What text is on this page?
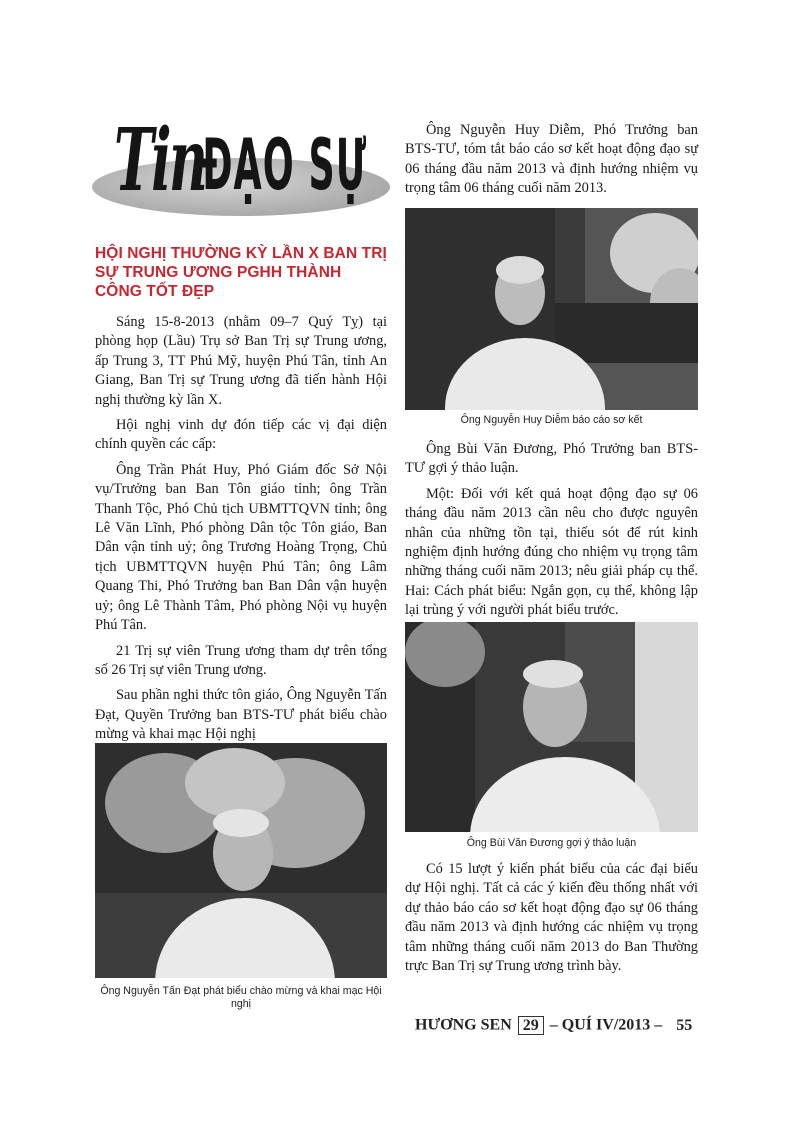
Tin
ĐẠO SỰ
HỘI NGHỊ THƯỜNG KỲ LẦN X BAN TRỊ SỰ TRUNG ƯƠNG PGHH THÀNH CÔNG TỐT ĐẸP

Sáng 15-8-2013 (nhằm 09–7 Quý Tỵ) tại phòng họp (Lầu) Trụ sở Ban Trị sự Trung ương, ấp Trung 3, TT Phú Mỹ, huyện Phú Tân, tỉnh An Giang, Ban Trị sự Trung ương đã tiến hành Hội nghị thường kỳ lần X.

Hội nghị vinh dự đón tiếp các vị đại diện chính quyền các cấp:

Ông Trần Phát Huy, Phó Giám đốc Sở Nội vụ/Trưởng ban Ban Tôn giáo tỉnh; ông Trần Thanh Tộc, Phó Chủ tịch UBMTTQVN tỉnh; ông Lê Văn Lĩnh, Phó phòng Dân tộc Tôn giáo, Ban Dân vận tỉnh uỷ; ông Trương Hoàng Trọng, Chủ tịch UBMTTQVN huyện Phú Tân; ông Lâm Quang Thi, Phó Trưởng ban Ban Dân vận huyện uỷ; ông Lê Thành Tâm, Phó phòng Nội vụ huyện Phú Tân.

21 Trị sự viên Trung ương tham dự trên tổng số 26 Trị sự viên Trung ương.

Sau phần nghi thức tôn giáo, Ông Nguyễn Tấn Đạt, Quyền Trưởng ban BTS-TƯ phát biểu chào mừng và khai mạc Hội nghị

Ông Nguyễn Huy Diễm, Phó Trưởng ban BTS-TƯ, tóm tắt báo cáo sơ kết hoạt động đạo sự 06 tháng đầu năm 2013 và định hướng nhiệm vụ trọng tâm 06 tháng cuối năm 2013.

Ông Bùi Văn Đương, Phó Trưởng ban BTS-TƯ gợi ý thảo luận.

Một: Đối với kết quả hoạt động đạo sự 06 tháng đầu năm 2013 cần nêu cho được nguyên nhân của những tồn tại, thiếu sót để rút kinh nghiệm định hướng đúng cho nhiệm vụ trọng tâm những tháng cuối năm 2013; nêu giải pháp cụ thể. Hai: Cách phát biểu: Ngắn gọn, cụ thể, không lập lại trùng ý với người phát biểu trước.

Có 15 lượt ý kiến phát biểu của các đại biểu dự Hội nghị. Tất cả các ý kiến đều thống nhất với dự thảo báo cáo sơ kết hoạt động đạo sự 06 tháng đầu năm 2013 và định hướng các nhiệm vụ trọng tâm những tháng cuối năm 2013 do Ban Thường trực Ban Trị sự Trung ương trình bày.

Ông Nguyễn Huy Diễm báo cáo sơ kết
Ông Bùi Văn Đương gợi ý thảo luận
Ông Nguyễn Tấn Đạt phát biểu chào mừng và khai mạc Hội nghị
HƯƠNG SEN 29 – QUÍ IV/2013 – 55
